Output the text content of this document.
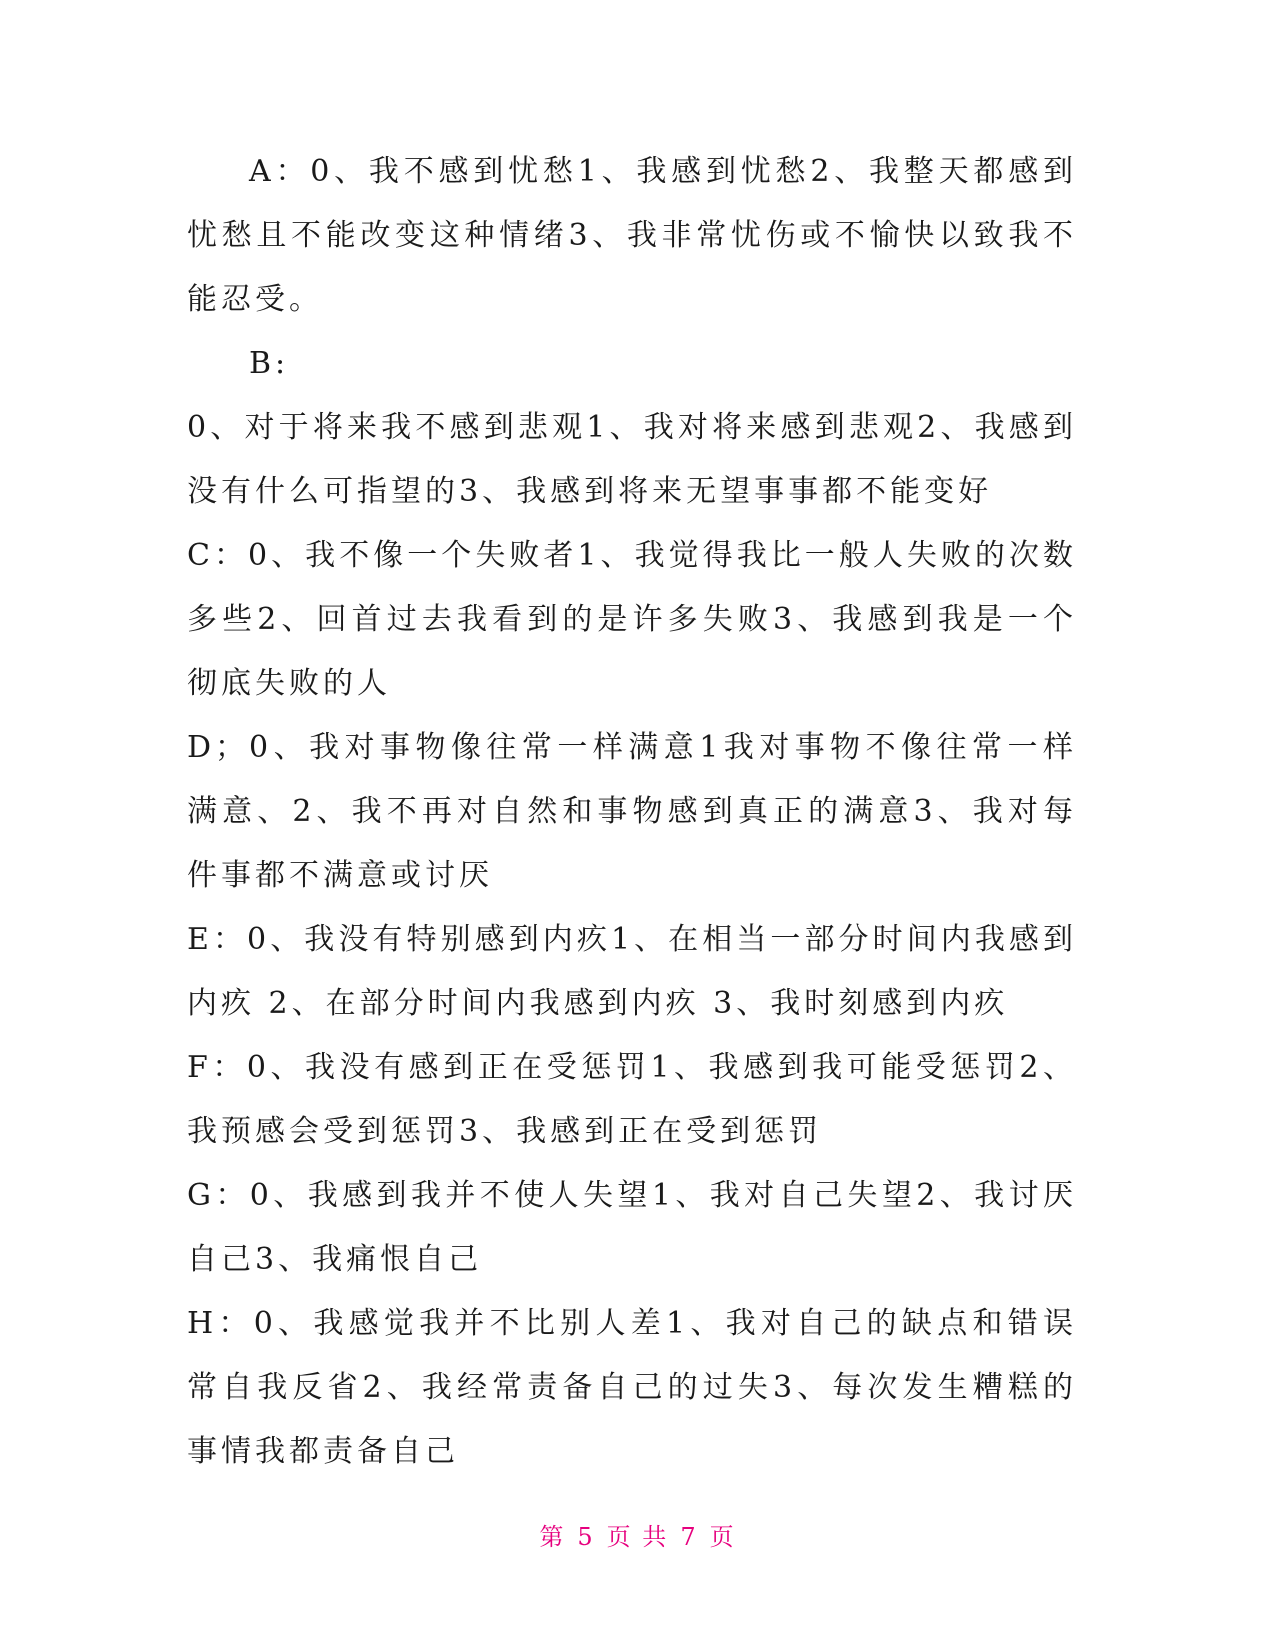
A：0、我不感到忧愁1、我感到忧愁2、我整天都感到忧愁且不能改变这种情绪3、我非常忧伤或不愉快以致我不能忍受。

B:

0、对于将来我不感到悲观1、我对将来感到悲观2、我感到没有什么可指望的3、我感到将来无望事事都不能变好

C：0、我不像一个失败者1、我觉得我比一般人失败的次数多些2、回首过去我看到的是许多失败3、我感到我是一个彻底失败的人

D；0、我对事物像往常一样满意1我对事物不像往常一样满意、2、我不再对自然和事物感到真正的满意3、我对每件事都不满意或讨厌

E：0、我没有特别感到内疚1、在相当一部分时间内我感到内疚 2、在部分时间内我感到内疚 3、我时刻感到内疚

F：0、我没有感到正在受惩罚1、我感到我可能受惩罚2、我预感会受到惩罚3、我感到正在受到惩罚

G：0、我感到我并不使人失望1、我对自己失望2、我讨厌自己3、我痛恨自己

H：0、我感觉我并不比别人差1、我对自己的缺点和错误常自我反省2、我经常责备自己的过失3、每次发生糟糕的事情我都责备自己

第 5 页 共 7 页
